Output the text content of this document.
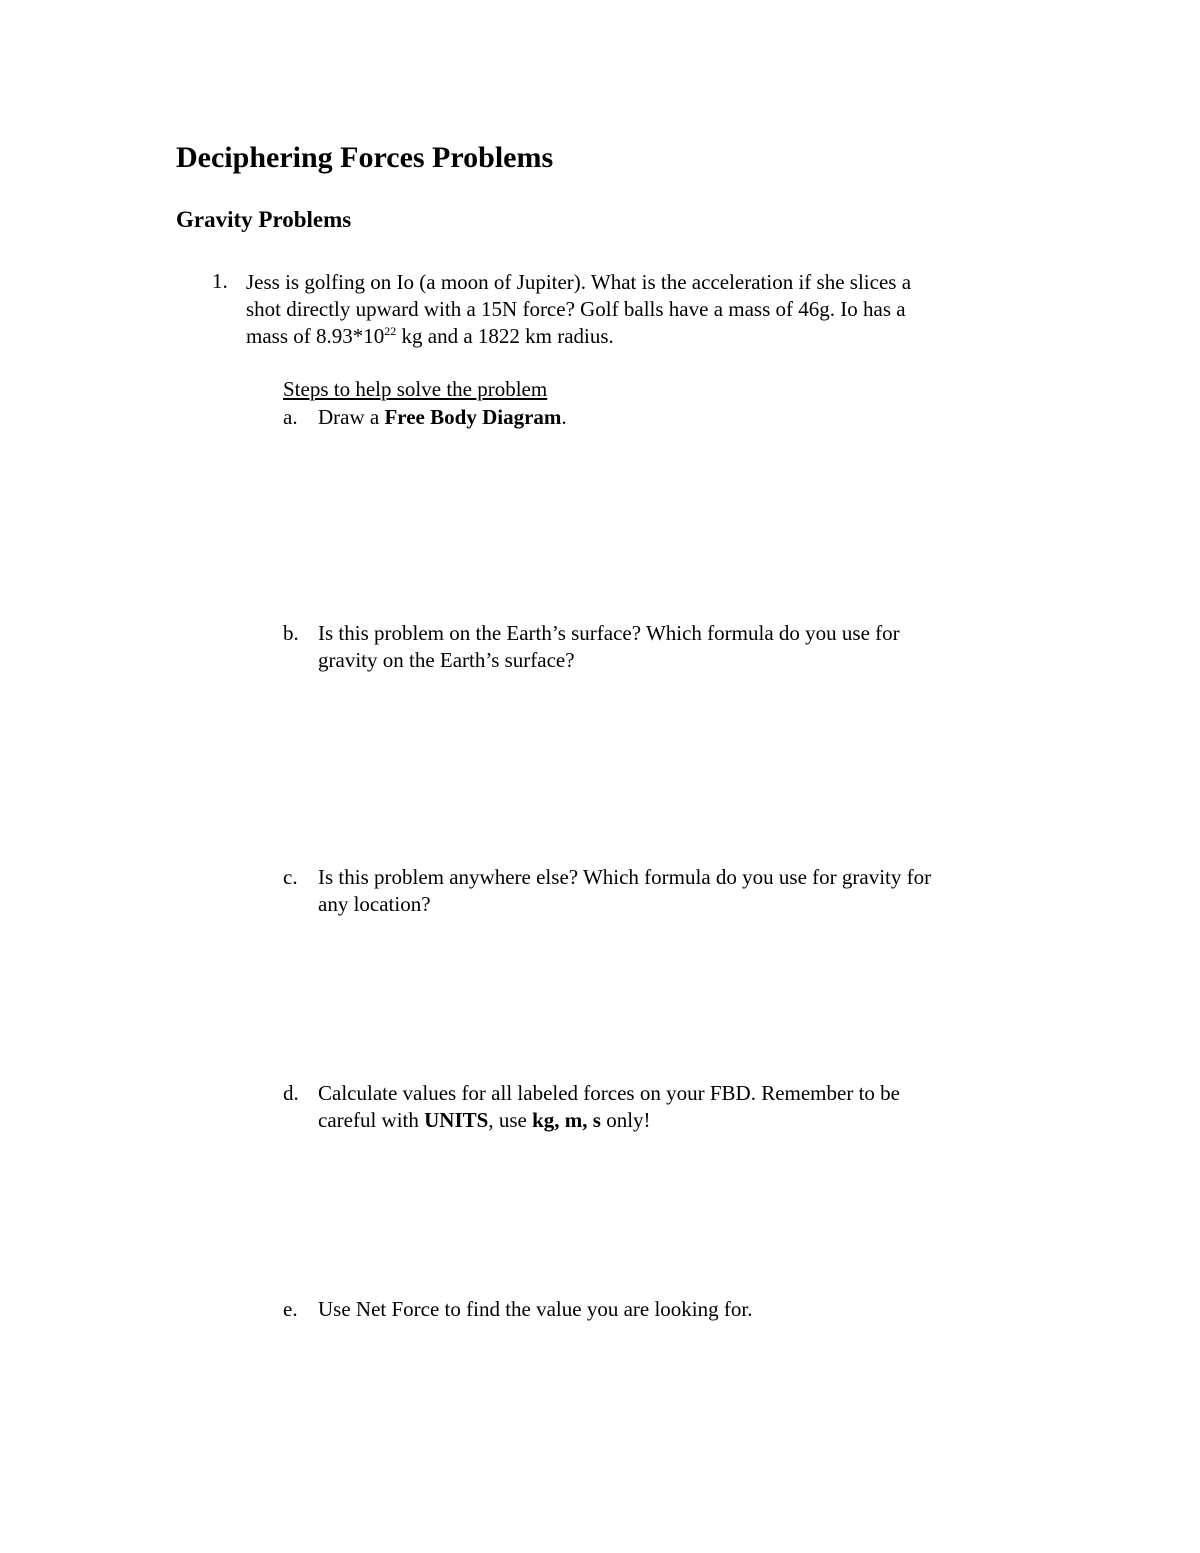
Deciphering Forces Problems
Gravity Problems
1. Jess is golfing on Io (a moon of Jupiter). What is the acceleration if she slices a
shot directly upward with a 15N force? Golf balls have a mass of 46g. Io has a
mass of $8.93*10^{22}$ kg and a 1822 km radius.

Steps to help solve the problem
a. Draw a Free Body Diagram.
b. Is this problem on the Earth’s surface? Which formula do you use for
gravity on the Earth’s surface?
c. Is this problem anywhere else? Which formula do you use for gravity for
any location?
d. Calculate values for all labeled forces on your FBD. Remember to be
careful with UNITS, use kg, m, s only!
e. Use Net Force to find the value you are looking for.
